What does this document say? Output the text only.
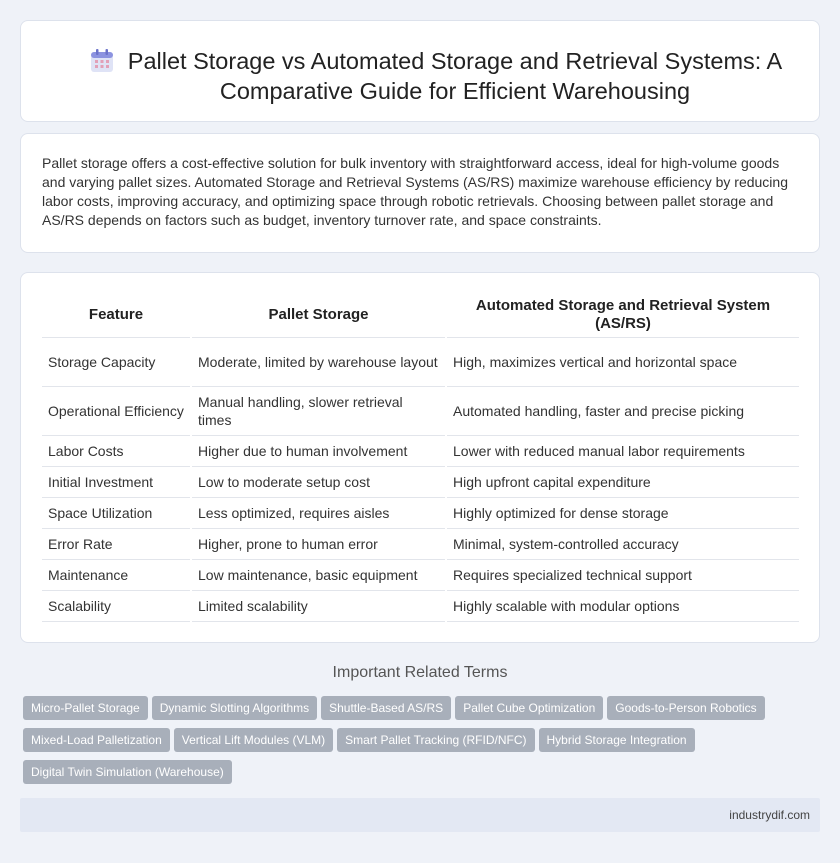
Pallet Storage vs Automated Storage and Retrieval Systems: A Comparative Guide for Efficient Warehousing

Pallet storage offers a cost-effective solution for bulk inventory with straightforward access, ideal for high-volume goods and varying pallet sizes. Automated Storage and Retrieval Systems (AS/RS) maximize warehouse efficiency by reducing labor costs, improving accuracy, and optimizing space through robotic retrievals. Choosing between pallet storage and AS/RS depends on factors such as budget, inventory turnover rate, and space constraints.

Feature	Pallet Storage	Automated Storage and Retrieval System (AS/RS)
Storage Capacity	Moderate, limited by warehouse layout	High, maximizes vertical and horizontal space
Operational Efficiency	Manual handling, slower retrieval times	Automated handling, faster and precise picking
Labor Costs	Higher due to human involvement	Lower with reduced manual labor requirements
Initial Investment	Low to moderate setup cost	High upfront capital expenditure
Space Utilization	Less optimized, requires aisles	Highly optimized for dense storage
Error Rate	Higher, prone to human error	Minimal, system-controlled accuracy
Maintenance	Low maintenance, basic equipment	Requires specialized technical support
Scalability	Limited scalability	Highly scalable with modular options
Important Related Terms
Micro-Pallet Storage Dynamic Slotting Algorithms Shuttle-Based AS/RS Pallet Cube Optimization Goods-to-Person RoboticsMixed-Load Palletization Vertical Lift Modules (VLM) Smart Pallet Tracking (RFID/NFC) Hybrid Storage IntegrationDigital Twin Simulation (Warehouse)
industrydif.com
